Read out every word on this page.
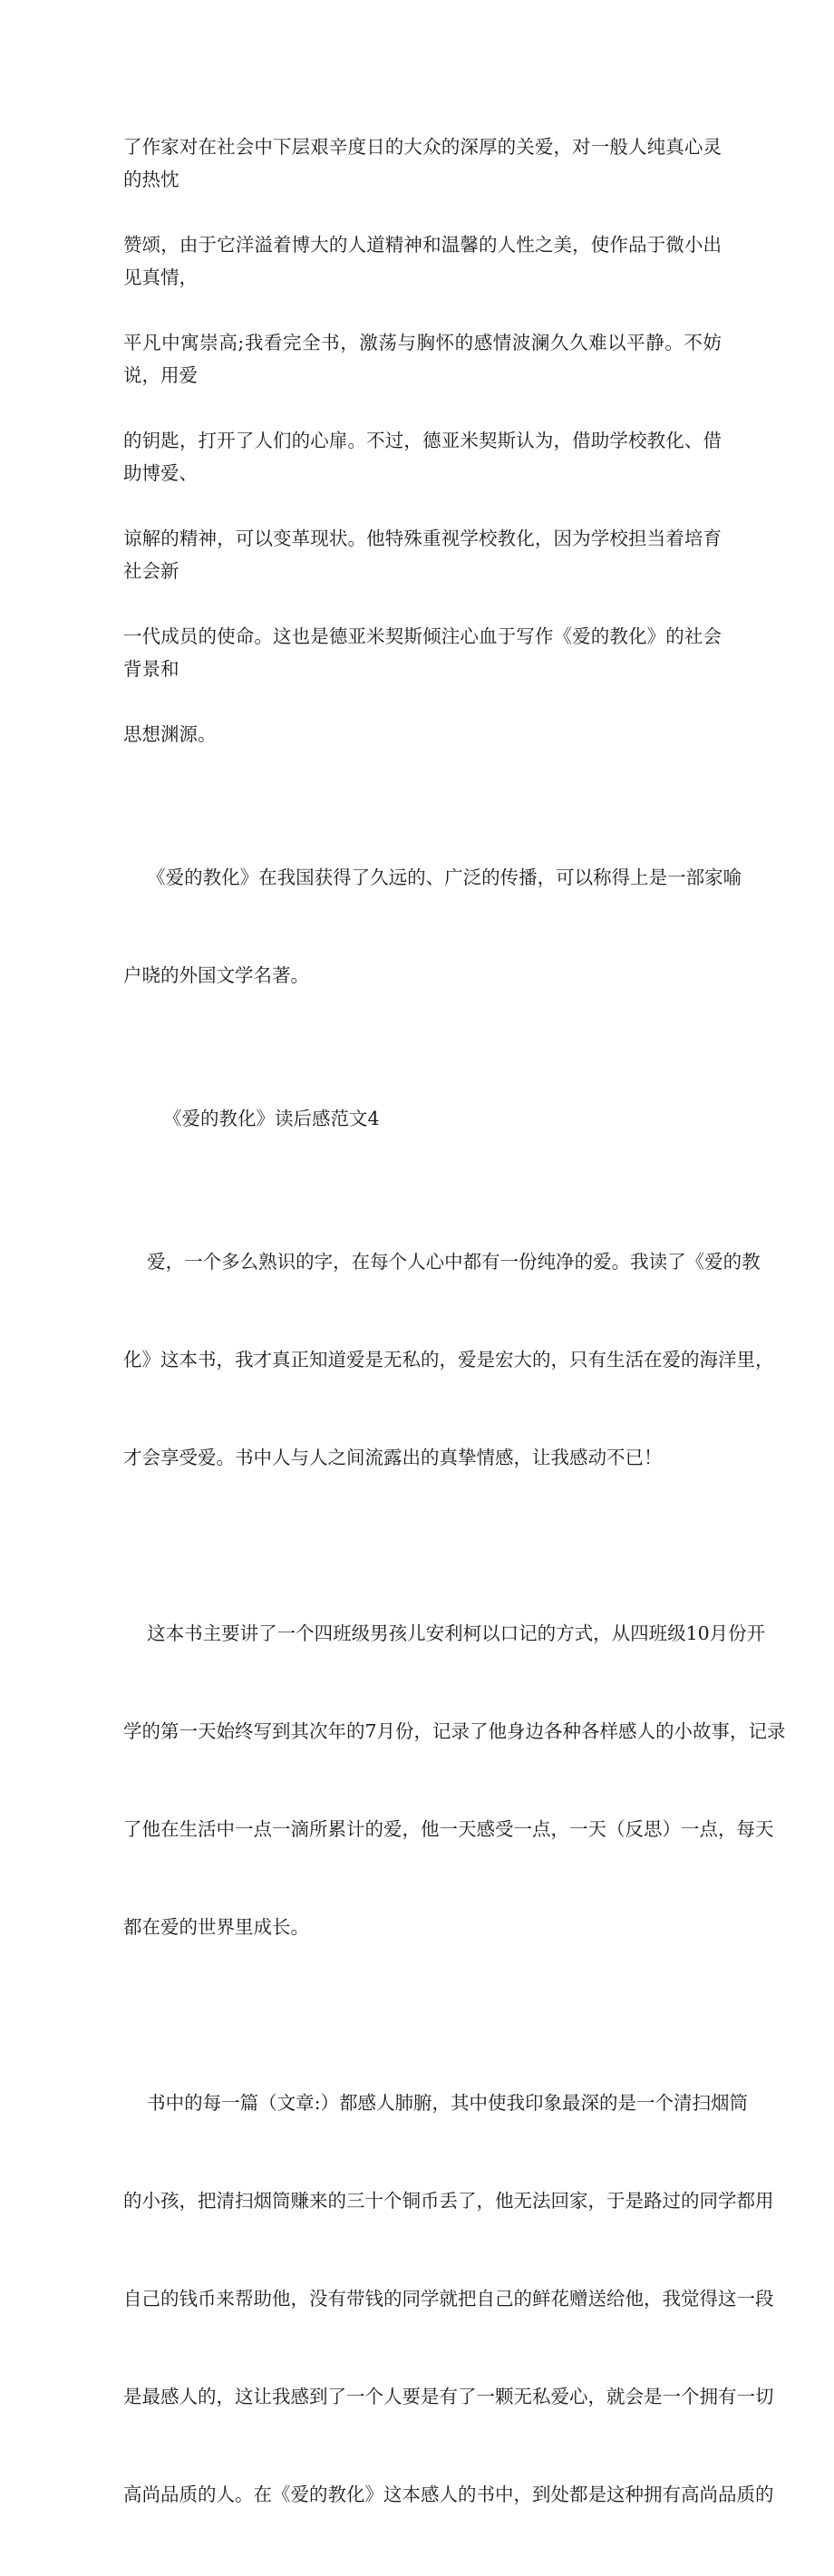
了作家对在社会中下层艰辛度日的大众的深厚的关爱，对一般人纯真心灵的热忱

赞颂，由于它洋溢着博大的人道精神和温馨的人性之美，使作品于微小出见真情，

平凡中寓崇高;我看完全书，激荡与胸怀的感情波澜久久难以平静。不妨说，用爱

的钥匙，打开了人们的心扉。不过，德亚米契斯认为，借助学校教化、借助博爱、

谅解的精神，可以变革现状。他特殊重视学校教化，因为学校担当着培育社会新

一代成员的使命。这也是德亚米契斯倾注心血于写作《爱的教化》的社会背景和

思想渊源。

《爱的教化》在我国获得了久远的、广泛的传播，可以称得上是一部家喻

户晓的外国文学名著。

《爱的教化》读后感范文4

爱，一个多么熟识的字，在每个人心中都有一份纯净的爱。我读了《爱的教

化》这本书，我才真正知道爱是无私的，爱是宏大的，只有生活在爱的海洋里，

才会享受爱。书中人与人之间流露出的真挚情感，让我感动不已！

这本书主要讲了一个四班级男孩儿安利柯以口记的方式，从四班级10月份开

学的第一天始终写到其次年的7月份，记录了他身边各种各样感人的小故事，记录

了他在生活中一点一滴所累计的爱，他一天感受一点，一天（反思）一点，每天

都在爱的世界里成长。

书中的每一篇（文章:）都感人肺腑，其中使我印象最深的是一个清扫烟筒

的小孩，把清扫烟筒赚来的三十个铜币丢了，他无法回家，于是路过的同学都用

自己的钱币来帮助他，没有带钱的同学就把自己的鲜花赠送给他，我觉得这一段

是最感人的，这让我感到了一个人要是有了一颗无私爱心，就会是一个拥有一切

高尚品质的人。在《爱的教化》这本感人的书中，到处都是这种拥有高尚品质的
